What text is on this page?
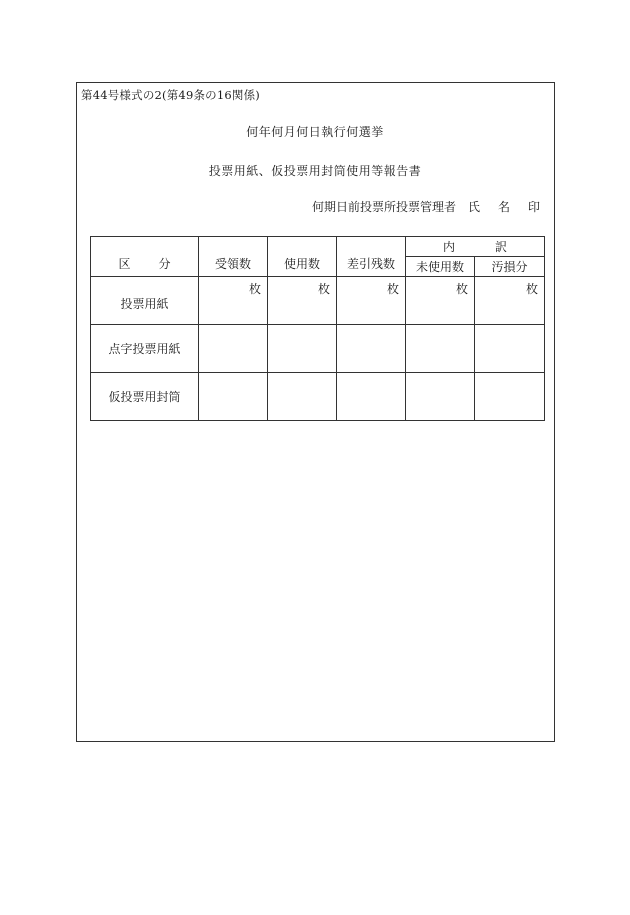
第44号様式の2(第49条の16関係)
何年何月何日執行何選挙
投票用紙、仮投票用封筒使用等報告書
何期日前投票所投票管理者 氏 名 印
区 分	受領数	使用数	差引残数	内 訳	
				未使用数	汚損分
投票用紙	枚	枚	枚	枚	枚
点字投票用紙					
仮投票用封筒					
